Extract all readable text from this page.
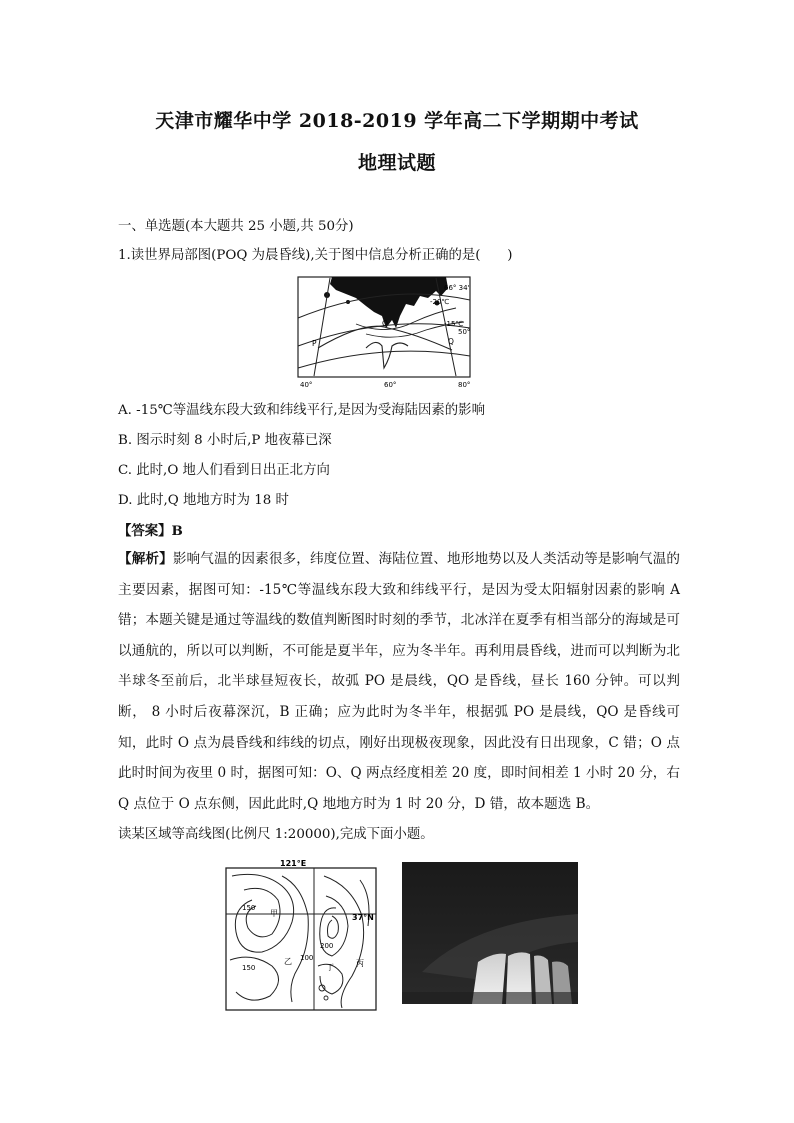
天津市耀华中学 2018-2019 学年高二下学期期中考试
地理试题
一、单选题(本大题共 25 小题,共 50分)
1.读世界局部图(POQ 为晨昏线),关于图中信息分析正确的是(　　)
66° 34'
-20℃
-15℃
50°
P
O
Q
40°	60°	80°
A. -15℃等温线东段大致和纬线平行,是因为受海陆因素的影响
B. 图示时刻 8 小时后,P 地夜幕已深
C. 此时,O 地人们看到日出正北方向
D. 此时,Q 地地方时为 18 时
【答案】B
【解析】影响气温的因素很多，纬度位置、海陆位置、地形地势以及人类活动等是影响气温的主要因素，据图可知：-15℃等温线东段大致和纬线平行，是因为受太阳辐射因素的影响 A 错；本题关键是通过等温线的数值判断图时时刻的季节，北冰洋在夏季有相当部分的海域是可以通航的，所以可以判断，不可能是夏半年，应为冬半年。再利用晨昏线，进而可以判断为北半球冬至前后，北半球昼短夜长，故弧 PO 是晨线，QO 是昏线，昼长 160 分钟。可以判断， 8 小时后夜幕深沉，B 正确；应为此时为冬半年，根据弧 PO 是晨线，QO 是昏线可知，此时 O 点为晨昏线和纬线的切点，刚好出现极夜现象，因此没有日出现象，C 错；O 点此时时间为夜里 0 时，据图可知：O、Q 两点经度相差 20 度，即时间相差 1 小时 20 分，右 Q 点位于 O 点东侧，因此此时,Q 地地方时为 1 时 20 分，D 错，故本题选 B。
读某区域等高线图(比例尺 1:20000),完成下面小题。
121°E
37°N
150
150
100
200
甲
乙	丙
丁
